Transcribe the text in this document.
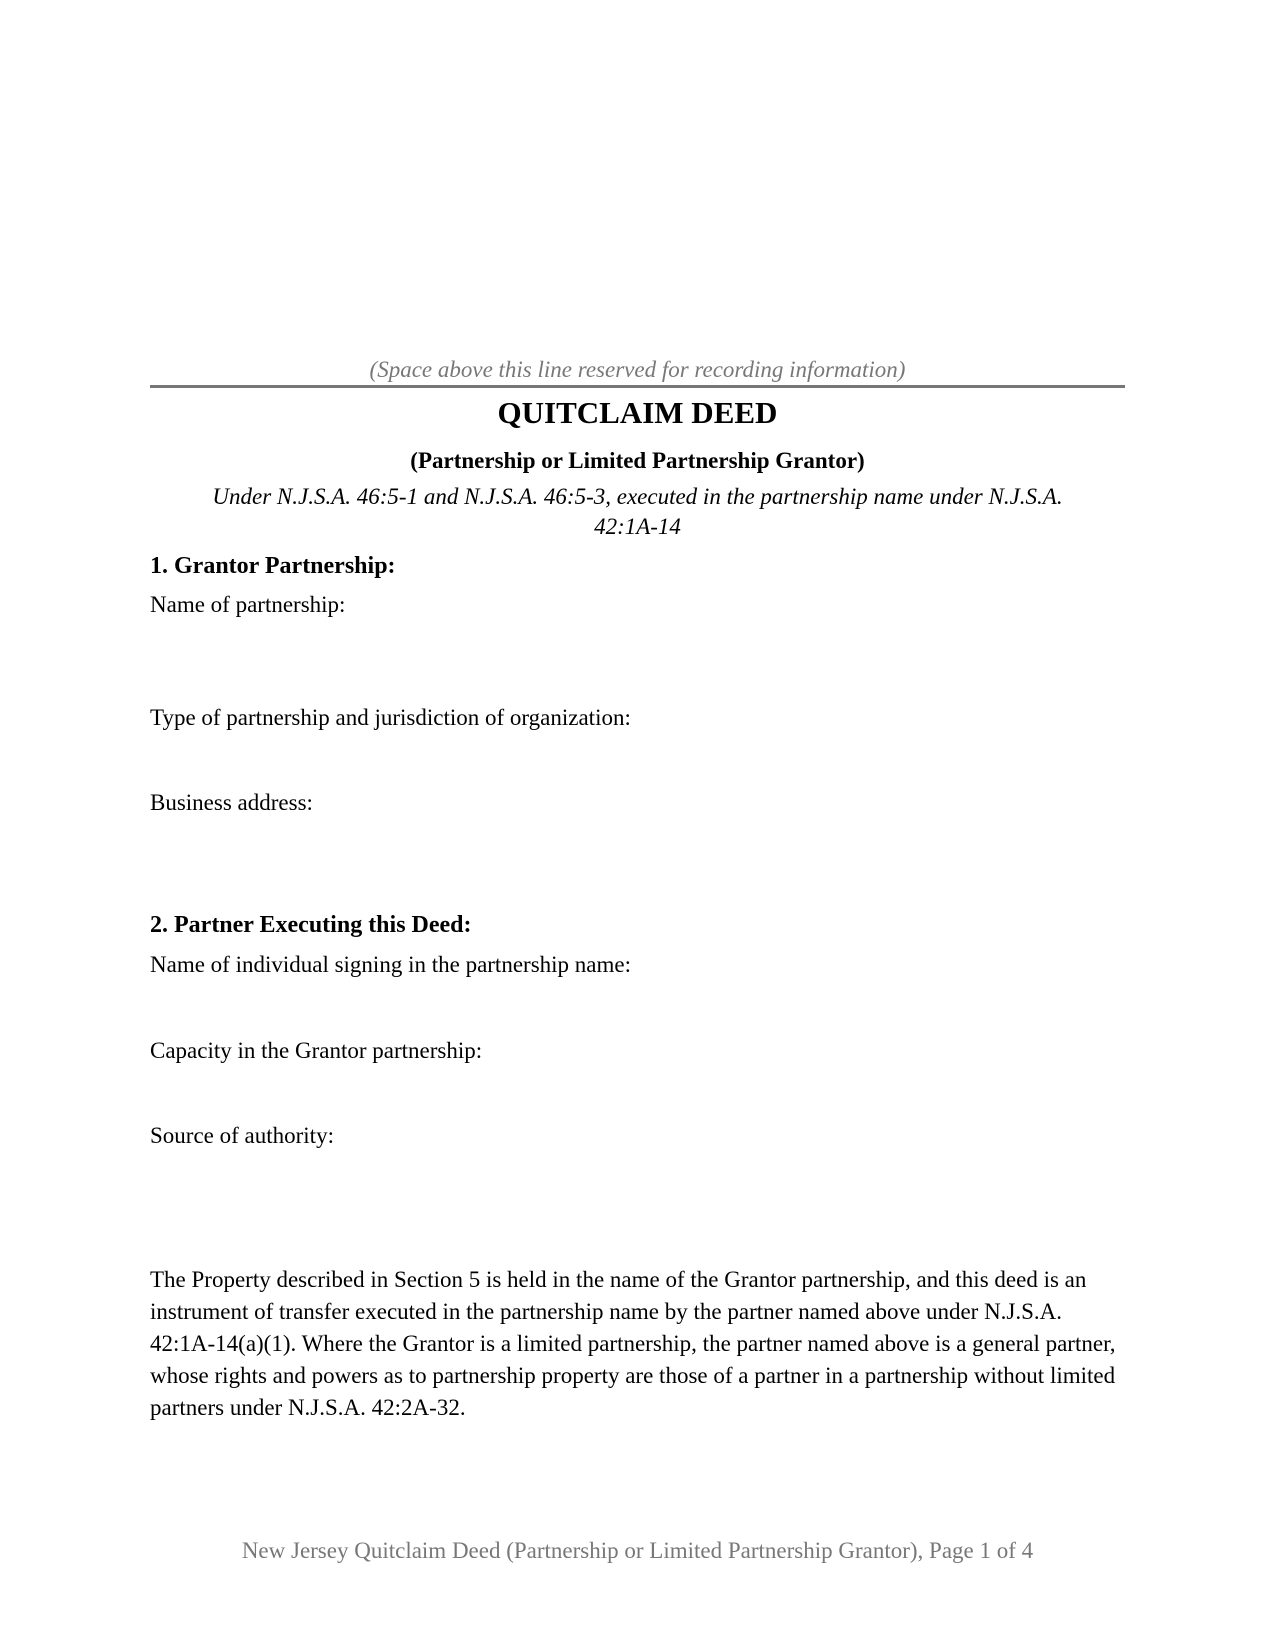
(Space above this line reserved for recording information)
QUITCLAIM DEED
(Partnership or Limited Partnership Grantor)
Under N.J.S.A. 46:5-1 and N.J.S.A. 46:5-3, executed in the partnership name under N.J.S.A.
42:1A-14
1. Grantor Partnership:
Name of partnership:
Type of partnership and jurisdiction of organization:
Business address:
2. Partner Executing this Deed:
Name of individual signing in the partnership name:
Capacity in the Grantor partnership:
Source of authority:
The Property described in Section 5 is held in the name of the Grantor partnership, and this deed is an instrument of transfer executed in the partnership name by the partner named above under N.J.S.A. 42:1A-14(a)(1). Where the Grantor is a limited partnership, the partner named above is a general partner, whose rights and powers as to partnership property are those of a partner in a partnership without limited partners under N.J.S.A. 42:2A-32.
New Jersey Quitclaim Deed (Partnership or Limited Partnership Grantor), Page 1 of 4
